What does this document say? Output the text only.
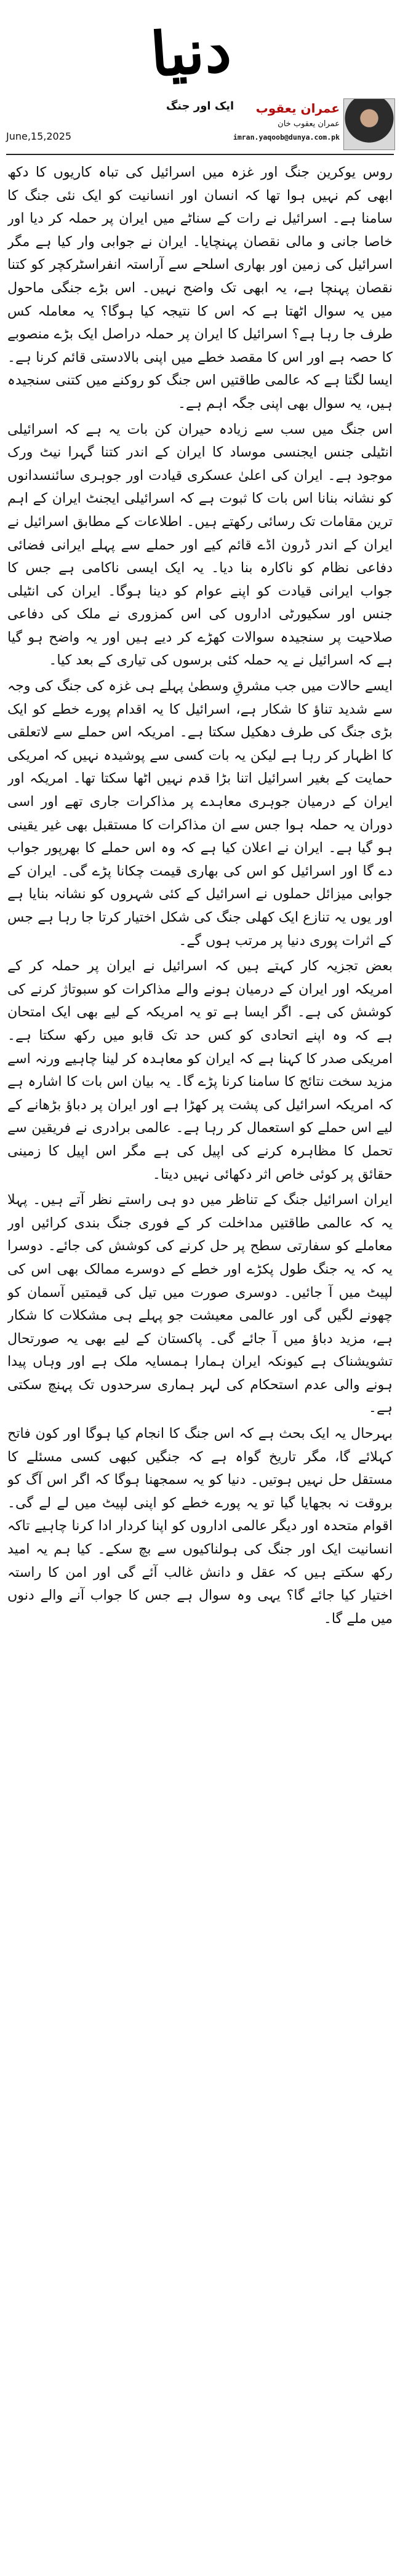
دنیا
ایک اور جنگ
June,15,2025
عمران یعقوب
عمران یعقوب خان
imran.yaqoob@dunya.com.pk

روس یوکرین جنگ اور غزہ میں اسرائیل کی تباہ کاریوں کا دکھ ابھی کم نہیں ہوا تھا کہ انسان اور انسانیت کو ایک نئی جنگ کا سامنا ہے۔ اسرائیل نے رات کے سناٹے میں ایران پر حملہ کر دیا اور خاصا جانی و مالی نقصان پہنچایا۔ ایران نے جوابی وار کیا ہے مگر اسرائیل کی زمین اور بھاری اسلحے سے آراستہ انفراسٹرکچر کو کتنا نقصان پہنچا ہے، یہ ابھی تک واضح نہیں۔ اس بڑے جنگی ماحول میں یہ سوال اٹھتا ہے کہ اس کا نتیجہ کیا ہوگا؟ یہ معاملہ کس طرف جا رہا ہے؟ اسرائیل کا ایران پر حملہ دراصل ایک بڑے منصوبے کا حصہ ہے اور اس کا مقصد خطے میں اپنی بالادستی قائم کرنا ہے۔ ایسا لگتا ہے کہ عالمی طاقتیں اس جنگ کو روکنے میں کتنی سنجیدہ ہیں، یہ سوال بھی اپنی جگہ اہم ہے۔

اس جنگ میں سب سے زیادہ حیران کن بات یہ ہے کہ اسرائیلی انٹیلی جنس ایجنسی موساد کا ایران کے اندر کتنا گہرا نیٹ ورک موجود ہے۔ ایران کی اعلیٰ عسکری قیادت اور جوہری سائنسدانوں کو نشانہ بنانا اس بات کا ثبوت ہے کہ اسرائیلی ایجنٹ ایران کے اہم ترین مقامات تک رسائی رکھتے ہیں۔ اطلاعات کے مطابق اسرائیل نے ایران کے اندر ڈرون اڈے قائم کیے اور حملے سے پہلے ایرانی فضائی دفاعی نظام کو ناکارہ بنا دیا۔ یہ ایک ایسی ناکامی ہے جس کا جواب ایرانی قیادت کو اپنے عوام کو دینا ہوگا۔ ایران کی انٹیلی جنس اور سکیورٹی اداروں کی اس کمزوری نے ملک کی دفاعی صلاحیت پر سنجیدہ سوالات کھڑے کر دیے ہیں اور یہ واضح ہو گیا ہے کہ اسرائیل نے یہ حملہ کئی برسوں کی تیاری کے بعد کیا۔

ایسے حالات میں جب مشرقِ وسطیٰ پہلے ہی غزہ کی جنگ کی وجہ سے شدید تناؤ کا شکار ہے، اسرائیل کا یہ اقدام پورے خطے کو ایک بڑی جنگ کی طرف دھکیل سکتا ہے۔ امریکہ اس حملے سے لاتعلقی کا اظہار کر رہا ہے لیکن یہ بات کسی سے پوشیدہ نہیں کہ امریکی حمایت کے بغیر اسرائیل اتنا بڑا قدم نہیں اٹھا سکتا تھا۔ امریکہ اور ایران کے درمیان جوہری معاہدے پر مذاکرات جاری تھے اور اسی دوران یہ حملہ ہوا جس سے ان مذاکرات کا مستقبل بھی غیر یقینی ہو گیا ہے۔ ایران نے اعلان کیا ہے کہ وہ اس حملے کا بھرپور جواب دے گا اور اسرائیل کو اس کی بھاری قیمت چکانا پڑے گی۔ ایران کے جوابی میزائل حملوں نے اسرائیل کے کئی شہروں کو نشانہ بنایا ہے اور یوں یہ تنازع ایک کھلی جنگ کی شکل اختیار کرتا جا رہا ہے جس کے اثرات پوری دنیا پر مرتب ہوں گے۔

بعض تجزیہ کار کہتے ہیں کہ اسرائیل نے ایران پر حملہ کر کے امریکہ اور ایران کے درمیان ہونے والے مذاکرات کو سبوتاژ کرنے کی کوشش کی ہے۔ اگر ایسا ہے تو یہ امریکہ کے لیے بھی ایک امتحان ہے کہ وہ اپنے اتحادی کو کس حد تک قابو میں رکھ سکتا ہے۔ امریکی صدر کا کہنا ہے کہ ایران کو معاہدہ کر لینا چاہیے ورنہ اسے مزید سخت نتائج کا سامنا کرنا پڑے گا۔ یہ بیان اس بات کا اشارہ ہے کہ امریکہ اسرائیل کی پشت پر کھڑا ہے اور ایران پر دباؤ بڑھانے کے لیے اس حملے کو استعمال کر رہا ہے۔ عالمی برادری نے فریقین سے تحمل کا مظاہرہ کرنے کی اپیل کی ہے مگر اس اپیل کا زمینی حقائق پر کوئی خاص اثر دکھائی نہیں دیتا۔

ایران اسرائیل جنگ کے تناظر میں دو ہی راستے نظر آتے ہیں۔ پہلا یہ کہ عالمی طاقتیں مداخلت کر کے فوری جنگ بندی کرائیں اور معاملے کو سفارتی سطح پر حل کرنے کی کوشش کی جائے۔ دوسرا یہ کہ یہ جنگ طول پکڑے اور خطے کے دوسرے ممالک بھی اس کی لپیٹ میں آ جائیں۔ دوسری صورت میں تیل کی قیمتیں آسمان کو چھونے لگیں گی اور عالمی معیشت جو پہلے ہی مشکلات کا شکار ہے، مزید دباؤ میں آ جائے گی۔ پاکستان کے لیے بھی یہ صورتحال تشویشناک ہے کیونکہ ایران ہمارا ہمسایہ ملک ہے اور وہاں پیدا ہونے والی عدم استحکام کی لہر ہماری سرحدوں تک پہنچ سکتی ہے۔

بہرحال یہ ایک بحث ہے کہ اس جنگ کا انجام کیا ہوگا اور کون فاتح کہلائے گا، مگر تاریخ گواہ ہے کہ جنگیں کبھی کسی مسئلے کا مستقل حل نہیں ہوتیں۔ دنیا کو یہ سمجھنا ہوگا کہ اگر اس آگ کو بروقت نہ بجھایا گیا تو یہ پورے خطے کو اپنی لپیٹ میں لے لے گی۔ اقوام متحدہ اور دیگر عالمی اداروں کو اپنا کردار ادا کرنا چاہیے تاکہ انسانیت ایک اور جنگ کی ہولناکیوں سے بچ سکے۔ کیا ہم یہ امید رکھ سکتے ہیں کہ عقل و دانش غالب آئے گی اور امن کا راستہ اختیار کیا جائے گا؟ یہی وہ سوال ہے جس کا جواب آنے والے دنوں میں ملے گا۔
